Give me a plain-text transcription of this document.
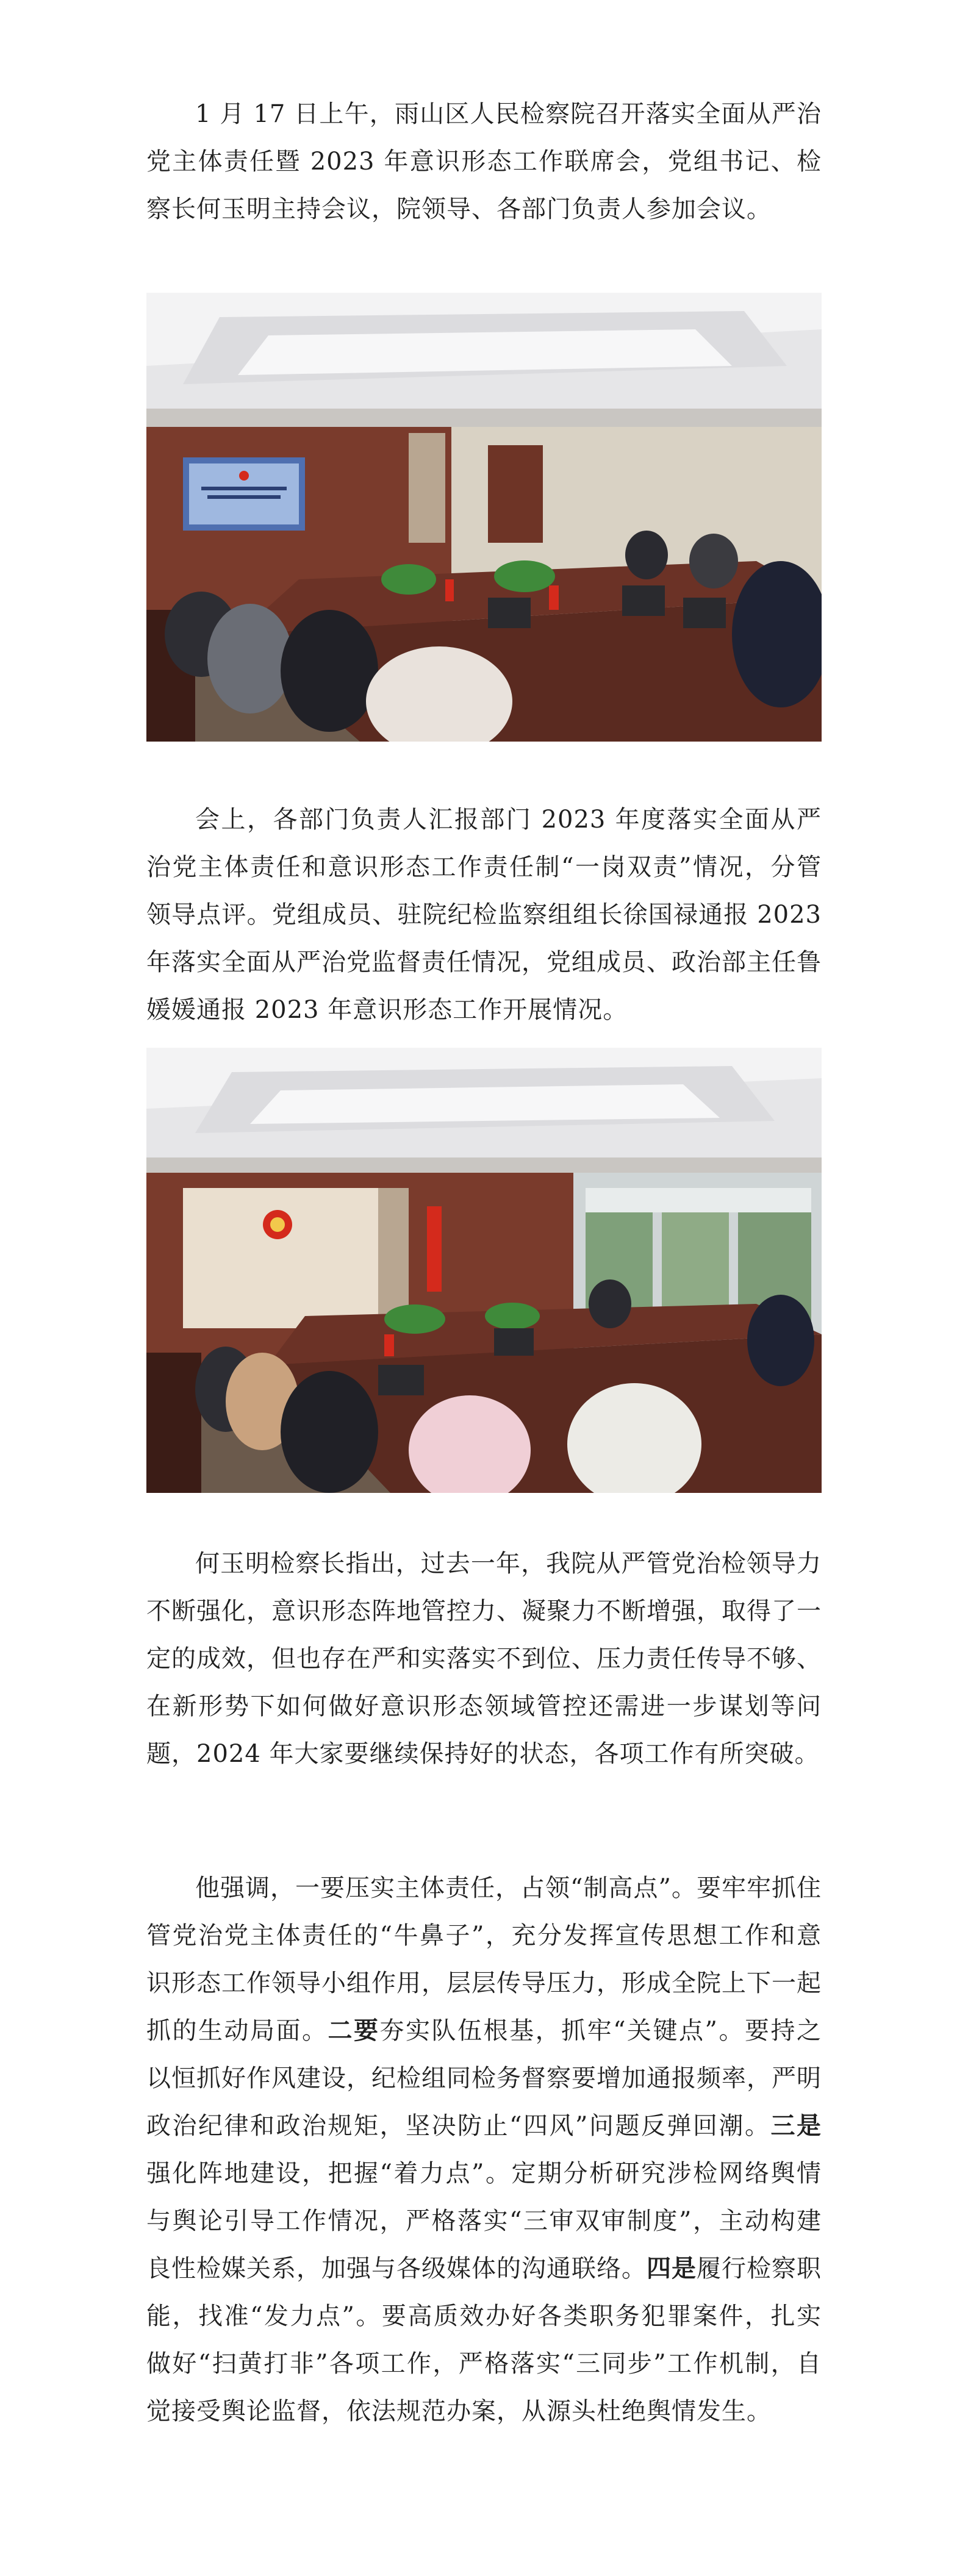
1 月 17 日上午，雨山区人民检察院召开落实全面从严治党主体责任暨 2023 年意识形态工作联席会，党组书记、检察长何玉明主持会议，院领导、各部门负责人参加会议。

会上，各部门负责人汇报部门 2023 年度落实全面从严治党主体责任和意识形态工作责任制“一岗双责”情况，分管领导点评。党组成员、驻院纪检监察组组长徐国禄通报 2023 年落实全面从严治党监督责任情况，党组成员、政治部主任鲁媛媛通报 2023 年意识形态工作开展情况。

何玉明检察长指出，过去一年，我院从严管党治检领导力不断强化，意识形态阵地管控力、凝聚力不断增强，取得了一定的成效，但也存在严和实落实不到位、压力责任传导不够、在新形势下如何做好意识形态领域管控还需进一步谋划等问题，2024 年大家要继续保持好的状态，各项工作有所突破。

他强调，一要压实主体责任，占领“制高点”。要牢牢抓住管党治党主体责任的“牛鼻子”，充分发挥宣传思想工作和意识形态工作领导小组作用，层层传导压力，形成全院上下一起抓的生动局面。二要夯实队伍根基，抓牢“关键点”。要持之以恒抓好作风建设，纪检组同检务督察要增加通报频率，严明政治纪律和政治规矩，坚决防止“四风”问题反弹回潮。三是强化阵地建设，把握“着力点”。定期分析研究涉检网络舆情与舆论引导工作情况，严格落实“三审双审制度”，主动构建良性检媒关系，加强与各级媒体的沟通联络。四是履行检察职能，找准“发力点”。要高质效办好各类职务犯罪案件，扎实做好“扫黄打非”各项工作，严格落实“三同步”工作机制，自觉接受舆论监督，依法规范办案，从源头杜绝舆情发生。
